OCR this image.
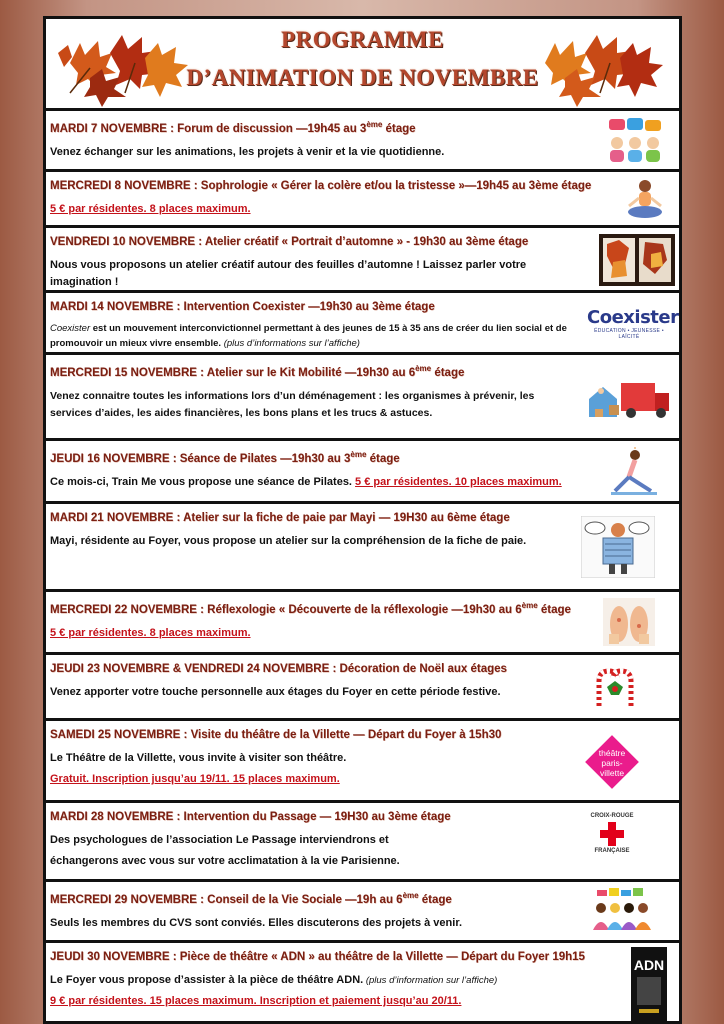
PROGRAMME
D’ANIMATION DE NOVEMBRE
MARDI 7 NOVEMBRE : Forum de discussion —19h45 au 3ème étage
Venez échanger sur les animations, les projets à venir et la vie quotidienne.
MERCREDI 8 NOVEMBRE : Sophrologie « Gérer la colère et/ou la tristesse »—19h45 au 3ème étage
5 € par résidentes. 8 places maximum.
VENDREDI 10 NOVEMBRE : Atelier créatif « Portrait d’automne » - 19h30 au 3ème étage
Nous vous proposons un atelier créatif autour des feuilles d’automne ! Laissez parler votre imagination !
MARDI 14 NOVEMBRE : Intervention Coexister —19h30 au 3ème étage
Coexister est un mouvement interconvictionnel permettant à des jeunes de 15 à 35 ans de créer du lien social et de promouvoir un mieux vivre ensemble. (plus d’informations sur l’affiche)
Coexister
ÉDUCATION • JEUNESSE • LAÏCITÉ
MERCREDI 15 NOVEMBRE : Atelier sur le Kit Mobilité —19h30 au 6ème étage
Venez connaitre toutes les informations lors d’un déménagement : les organismes à prévenir, les services d’aides, les aides financières, les bons plans et les trucs & astuces.
JEUDI 16 NOVEMBRE : Séance de Pilates —19h30 au 3ème étage
Ce mois-ci, Train Me vous propose une séance de Pilates. 5 € par résidentes. 10 places maximum.
MARDI 21 NOVEMBRE : Atelier sur la fiche de paie par Mayi — 19H30 au 6ème étage
Mayi, résidente au Foyer, vous propose un atelier sur la compréhension de la fiche de paie.
MERCREDI 22 NOVEMBRE : Réflexologie « Découverte de la réflexologie —19h30 au 6ème étage
5 € par résidentes. 8 places maximum.
JEUDI 23 NOVEMBRE & VENDREDI 24 NOVEMBRE : Décoration de Noël aux étages
Venez apporter votre touche personnelle aux étages du Foyer en cette période festive.
SAMEDI 25 NOVEMBRE : Visite du théâtre de la Villette — Départ du Foyer à 15h30
Le Théâtre de la Villette, vous invite à visiter son théâtre.
Gratuit. Inscription jusqu’au 19/11. 15 places maximum.
théâtre
paris-
villette
MARDI 28 NOVEMBRE : Intervention du Passage — 19H30 au 3ème étage
Des psychologues de l’association Le Passage interviendrons et
échangerons avec vous sur votre acclimatation à la vie Parisienne.
CROIX-ROUGE
FRANÇAISE
MERCREDI 29 NOVEMBRE : Conseil de la Vie Sociale —19h au 6ème étage
Seuls les membres du CVS sont conviés. Elles discuterons des projets à venir.
JEUDI 30 NOVEMBRE : Pièce de théâtre « ADN » au théâtre de la Villette — Départ du Foyer 19h15
Le Foyer vous propose d’assister à la pièce de théâtre ADN. (plus d’information sur l’affiche)
9 € par résidentes. 15 places maximum. Inscription et paiement jusqu’au 20/11.
ADN
